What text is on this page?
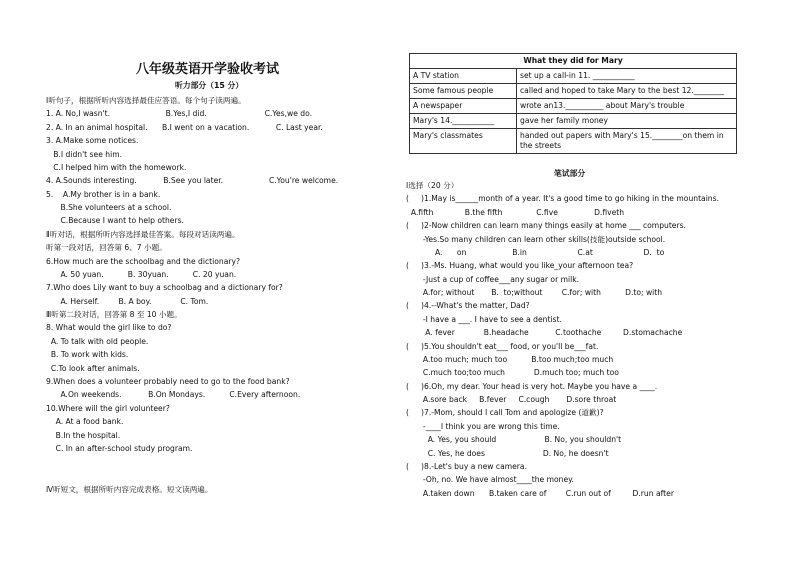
八年级英语开学验收考试
听力部分（15 分）
Ⅰ听句子，根据所听内容选择最佳应答语。每个句子读两遍。
1. A. No,I wasn't.                       B.Yes,I did.                        C.Yes,we do.
2. A. In an animal hospital.      B.I went on a vacation.           C. Last year.
3. A.Make some notices.
B.I didn't see him.
C.I helped him with the homework.
4. A.Sounds interesting.           B.See you later.                   C.You're welcome.
5.    A.My brother is in a bank.
B.She volunteers at a school.
C.Because I want to help others.
Ⅱ听对话，根据所听内容选择最佳答案。每段对话读两遍。
听第一段对话，回答第 6、7 小题。
6.How much are the schoolbag and the dictionary?
A. 50 yuan.          B. 30yuan.          C. 20 yuan.
7.Who does Lily want to buy a schoolbag and a dictionary for?
A. Herself.        B. A boy.            C. Tom.
Ⅲ听第二段对话，回答第 8 至 10 小题。
8. What would the girl like to do?
A. To talk with old people.
B. To work with kids.
C.To look after animals.
9.When does a volunteer probably need to go to the food bank?
A.On weekends.           B.On Mondays.          C.Every afternoon.
10.Where will the girl volunteer?
A. At a food bank.
B.In the hospital.
C. In an after-school study program.
Ⅳ听短文，根据所听内容完成表格。短文读两遍。
What they did for Mary	
A TV station	set up a call-in 11. ___________
Some famous people	called and hoped to take Mary to the best 12.________
A newspaper	wrote an13.__________ about Mary's trouble
Mary's 14.___________	gave her family money
Mary's classmates	handed out papers with Mary's 15.________on them in the streets
笔试部分
Ⅰ选择（20 分）
(     )1.May is______month of a year. It's a good time to go hiking in the mountains.
A.fifth             B.the fifth              C.five               D.fiveth
(     )2-Now children can learn many things easily at home ___ computers.
-Yes.So many children can learn other skills(技能)outside school.
A.      on                   B.in                     C.at                     D.  to
(     )3.-Ms. Huang, what would you like_your afternoon tea?
-Just a cup of coffee___any sugar or milk.
A.for; without       B.  to;without        C.for; with          D.to; with
(     )4.--What's the matter, Dad?
-I have a ___. I have to see a dentist.
A. fever            B.headache           C.toothache         D.stomachache
(     )5.You shouldn't eat___ food, or you'll be___fat.
A.too much; much too          B.too much;too much
C.much too;too much            D.much too; much too
(     )6.Oh, my dear. Your head is very hot. Maybe you have a ____.
A.sore back     B.fever     C.cough       D.sore throat
(     )7.-Mom, should I call Tom and apologize (道歉)?
-____I think you are wrong this time.
A. Yes, you should                    B. No, you shouldn't
C. Yes, he does                        D. No, he doesn't
(     )8.-Let's buy a new camera.
-Oh, no. We have almost____the money.
A.taken down      B.taken care of        C.run out of         D.run after
